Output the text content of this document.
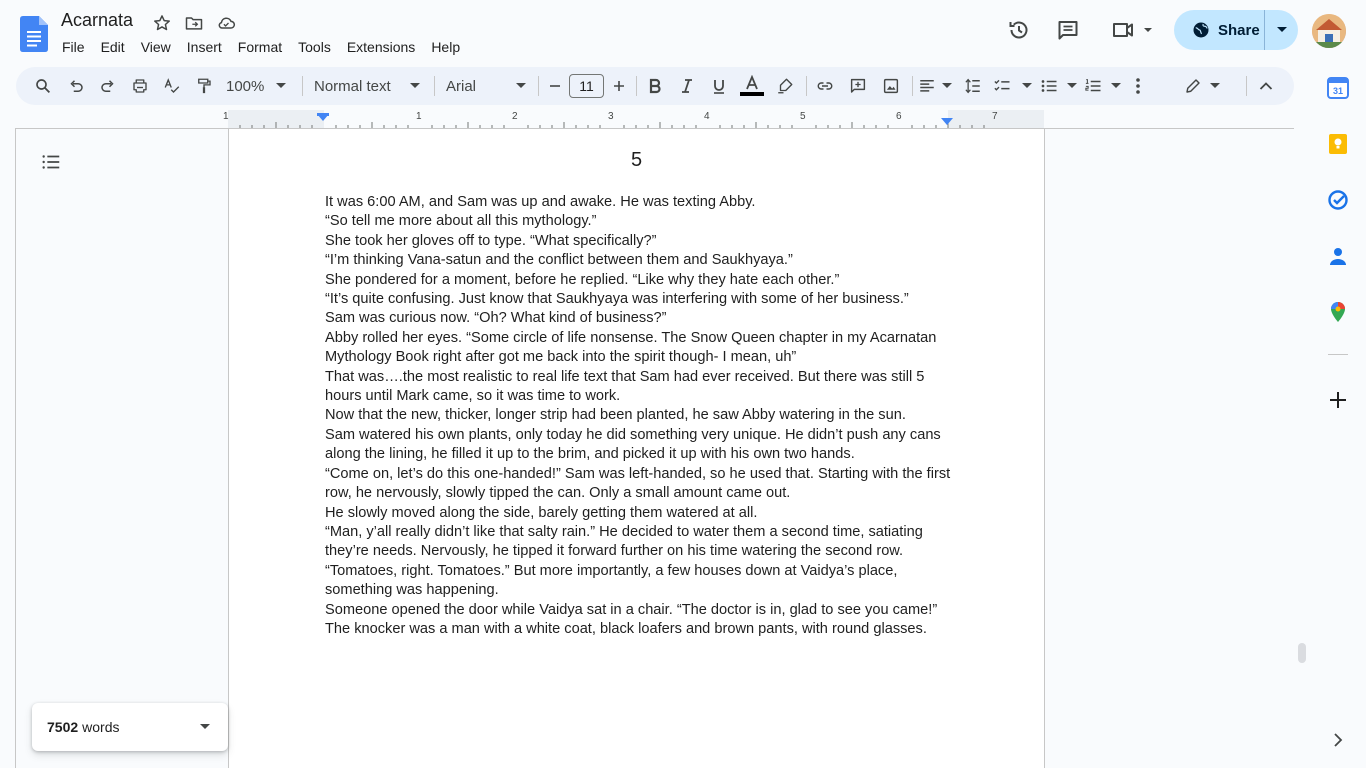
Acarnata
File	Edit	View	Insert	Format	Tools	Extensions	Help
Share
100%	Normal text	Arial	11
1	1	2	3	4	5	6	7
5

It was 6:00 AM, and Sam was up and awake. He was texting Abby.

“So tell me more about all this mythology.”

She took her gloves off to type. “What specifically?”

“I’m thinking Vana-satun and the conflict between them and Saukhyaya.”

She pondered for a moment, before he replied. “Like why they hate each other.”

“It’s quite confusing. Just know that Saukhyaya was interfering with some of her business.”

Sam was curious now. “Oh? What kind of business?”

Abby rolled her eyes. “Some circle of life nonsense. The Snow Queen chapter in my Acarnatan Mythology Book right after got me back into the spirit though- I mean, uh”

That was….the most realistic to real life text that Sam had ever received. But there was still 5 hours until Mark came, so it was time to work.

Now that the new, thicker, longer strip had been planted, he saw Abby watering in the sun.

Sam watered his own plants, only today he did something very unique. He didn’t push any cans along the lining, he filled it up to the brim, and picked it up with his own two hands.

“Come on, let’s do this one-handed!” Sam was left-handed, so he used that. Starting with the first row, he nervously, slowly tipped the can. Only a small amount came out.

He slowly moved along the side, barely getting them watered at all.

“Man, y’all really didn’t like that salty rain.” He decided to water them a second time, satiating they’re needs. Nervously, he tipped it forward further on his time watering the second row.

“Tomatoes, right. Tomatoes.” But more importantly, a few houses down at Vaidya’s place, something was happening.

Someone opened the door while Vaidya sat in a chair. “The doctor is in, glad to see you came!”

The knocker was a man with a white coat, black loafers and brown pants, with round glasses.

7502 words
31
